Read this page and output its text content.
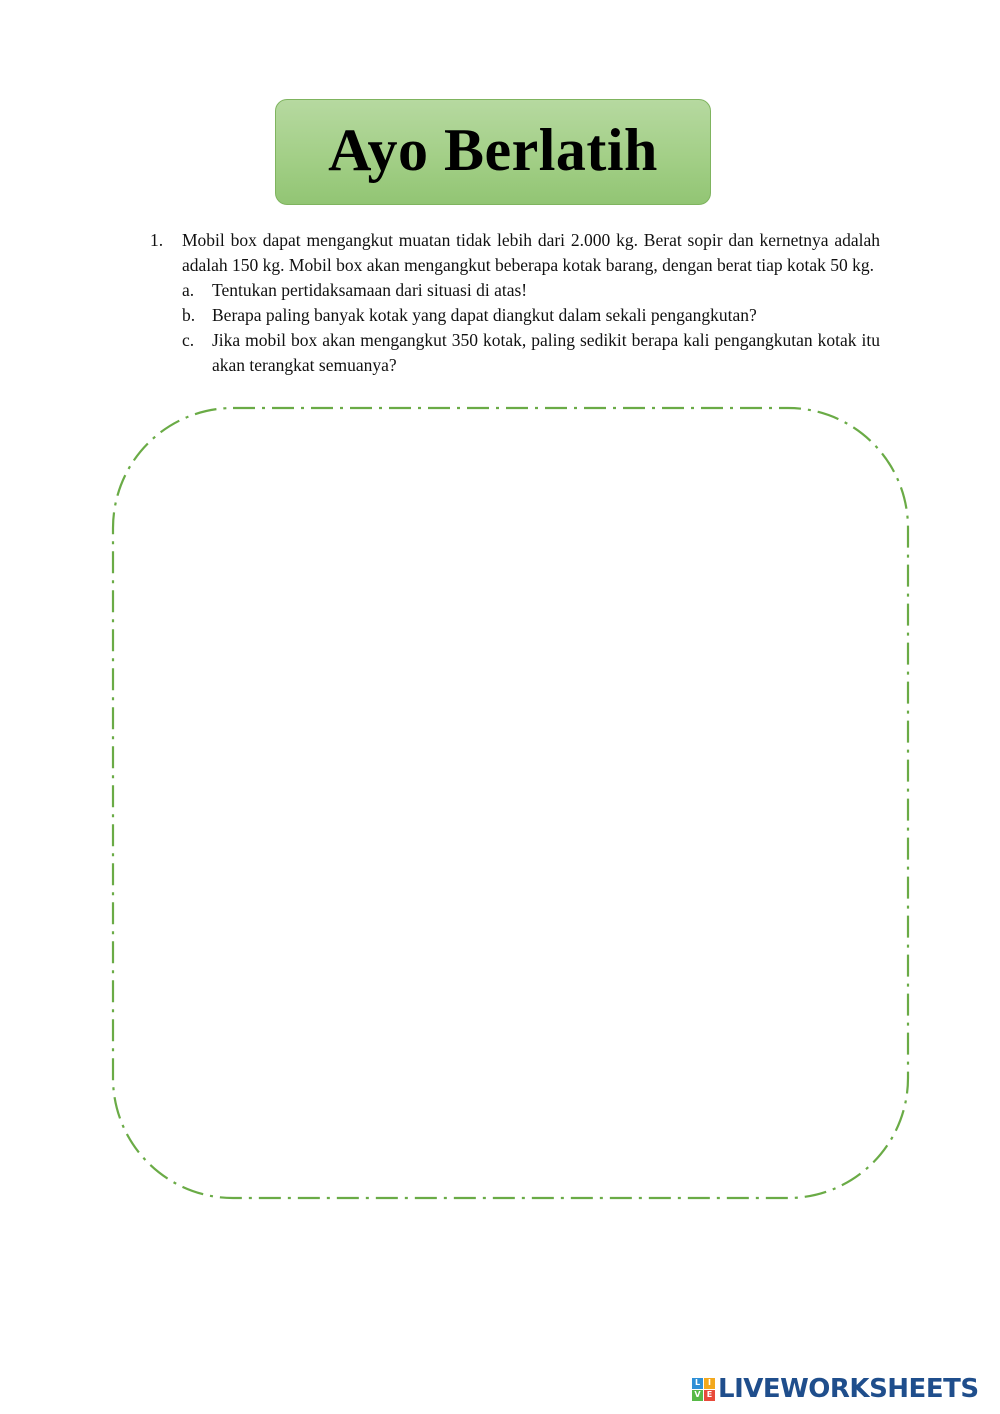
Ayo Berlatih
1.	Mobil box dapat mengangkut muatan tidak lebih dari 2.000 kg. Berat sopir dan kernetnya adalah adalah 150 kg. Mobil box akan mengangkut beberapa kotak barang, dengan berat tiap kotak 50 kg.
a.	Tentukan pertidaksamaan dari situasi di atas!
b. Berapa paling banyak kotak yang dapat diangkut dalam sekali pengangkutan?
c.	Jika mobil box akan mengangkut 350 kotak, paling sedikit berapa kali pengangkutan kotak itu akan terangkat semuanya?
L I
V E LIVEWORKSHEETS
